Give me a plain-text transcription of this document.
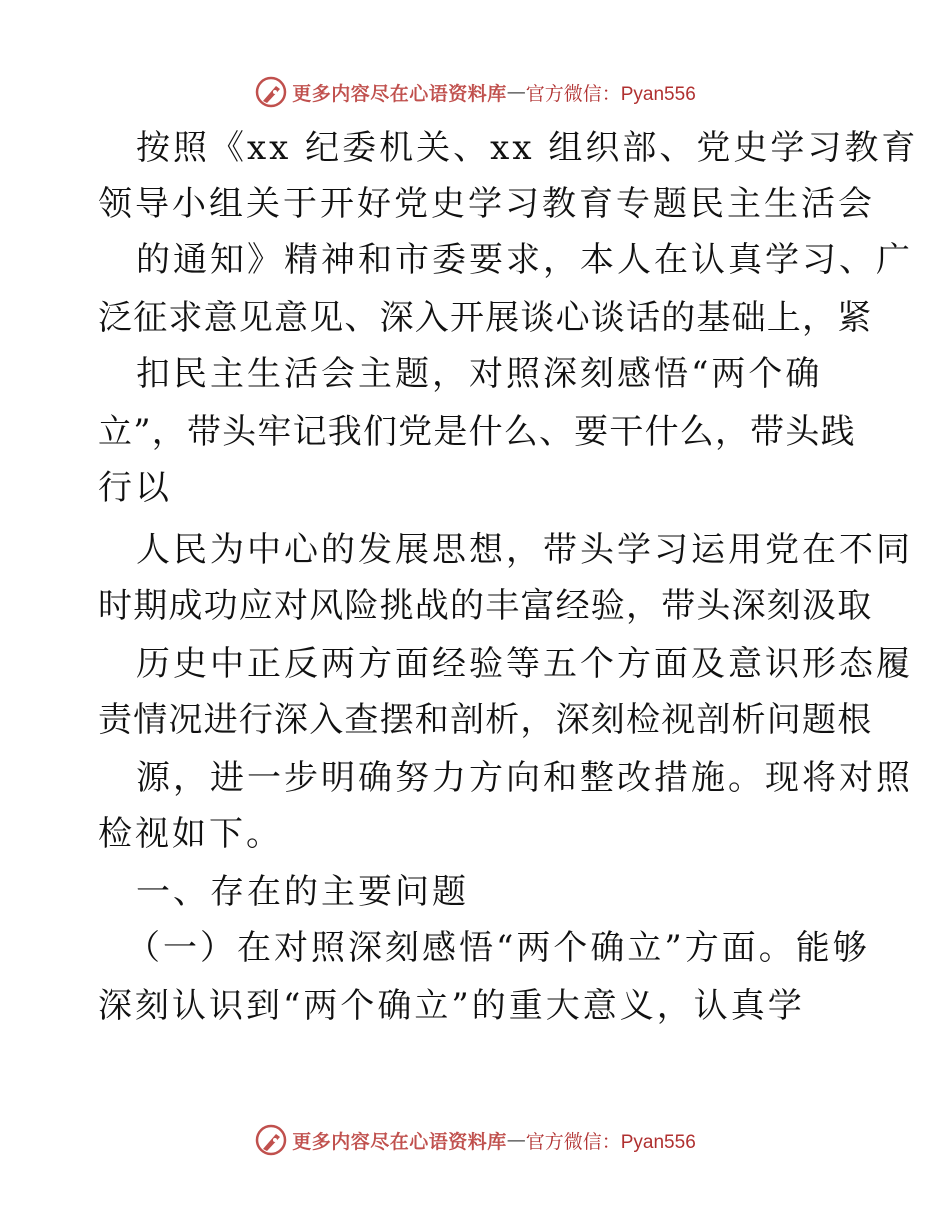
更多内容尽在心语资料库 — 官方微信：Pyan556
按照《xx 纪委机关、xx 组织部、党史学习教育
领导小组关于开好党史学习教育专题民主生活会
的通知》精神和市委要求，本人在认真学习、广
泛征求意见意见、深入开展谈心谈话的基础上，紧
扣民主生活会主题，对照深刻感悟“两个确
立”，带头牢记我们党是什么、要干什么，带头践
行以
人民为中心的发展思想，带头学习运用党在不同
时期成功应对风险挑战的丰富经验，带头深刻汲取
历史中正反两方面经验等五个方面及意识形态履
责情况进行深入查摆和剖析，深刻检视剖析问题根
源，进一步明确努力方向和整改措施。现将对照
检视如下。
一、存在的主要问题
（一）在对照深刻感悟“两个确立”方面。能够
深刻认识到“两个确立”的重大意义，认真学
更多内容尽在心语资料库 — 官方微信：Pyan556
